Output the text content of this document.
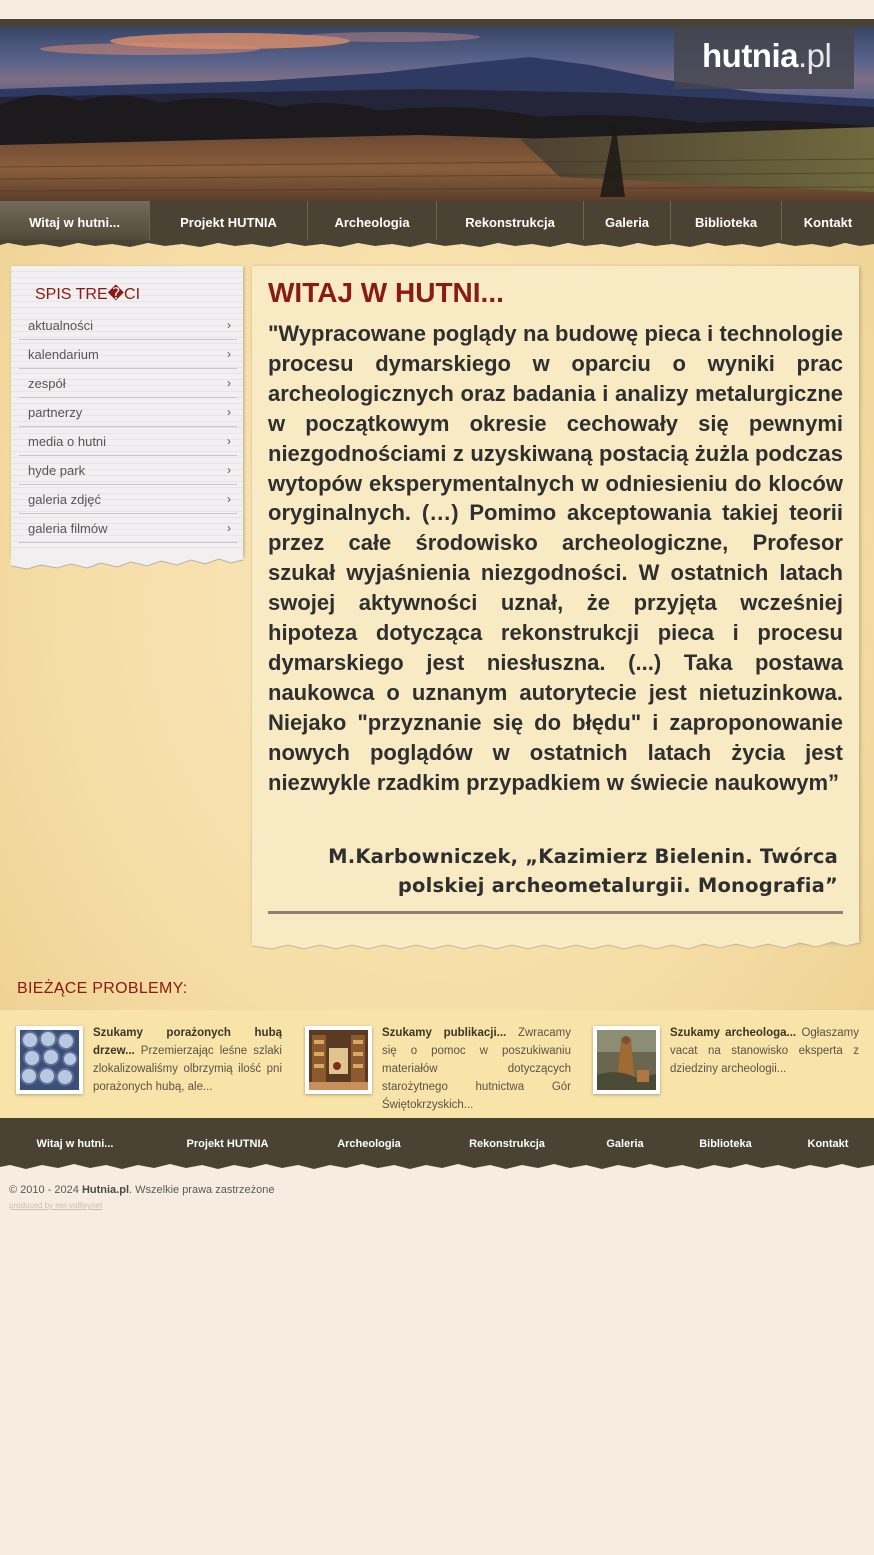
hutnia.pl
Witaj w hutni...	Projekt HUTNIA	Archeologia	Rekonstrukcja	Galeria	Biblioteka	Kontakt
SPIS TRE�CI
aktualności	›
kalendarium	›
zespół	›
partnerzy	›
media o hutni	›
hyde park	›
galeria zdjęć	›
galeria filmów	›
WITAJ W HUTNI...

"Wypracowane poglądy na budowę pieca i technologie procesu dymarskiego w oparciu o wyniki prac archeologicznych oraz badania i analizy metalurgiczne w początkowym okresie cechowały się pewnymi niezgodnościami z uzyskiwaną postacią żużla podczas wytopów eksperymentalnych w odniesieniu do kloców oryginalnych. (…) Pomimo akceptowania takiej teorii przez całe środowisko archeologiczne, Profesor szukał wyjaśnienia niezgodności. W ostatnich latach swojej aktywności uznał, że przyjęta wcześniej hipoteza dotycząca rekonstrukcji pieca i procesu dymarskiego jest niesłuszna. (...) Taka postawa naukowca o uznanym autorytecie jest nietuzinkowa. Niejako "przyznanie się do błędu" i zaproponowanie nowych poglądów w ostatnich latach życia jest niezwykle rzadkim przypadkiem w świecie naukowym”

M.Karbowniczek, „Kazimierz Bielenin. Twórca polskiej archeometalurgii. Monografia”

BIEŻĄCE PROBLEMY:
Szukamy porażonych hubą drzew... Przemierzając leśne szlaki zlokalizowaliśmy olbrzymią ilość pni porażonych hubą, ale...
Szukamy publikacji... Zwracamy się o pomoc w poszukiwaniu materiałów dotyczących starożytnego hutnictwa Gór Świętokrzyskich...
Szukamy archeologa... Ogłaszamy vacat na stanowisko eksperta z dziedziny archeologii...
Witaj w hutni...	Projekt HUTNIA	Archeologia	Rekonstrukcja	Galeria	Biblioteka	Kontakt
© 2010 - 2024 Hutnia.pl. Wszelkie prawa zastrzeżone
produced by net-vallleynet
